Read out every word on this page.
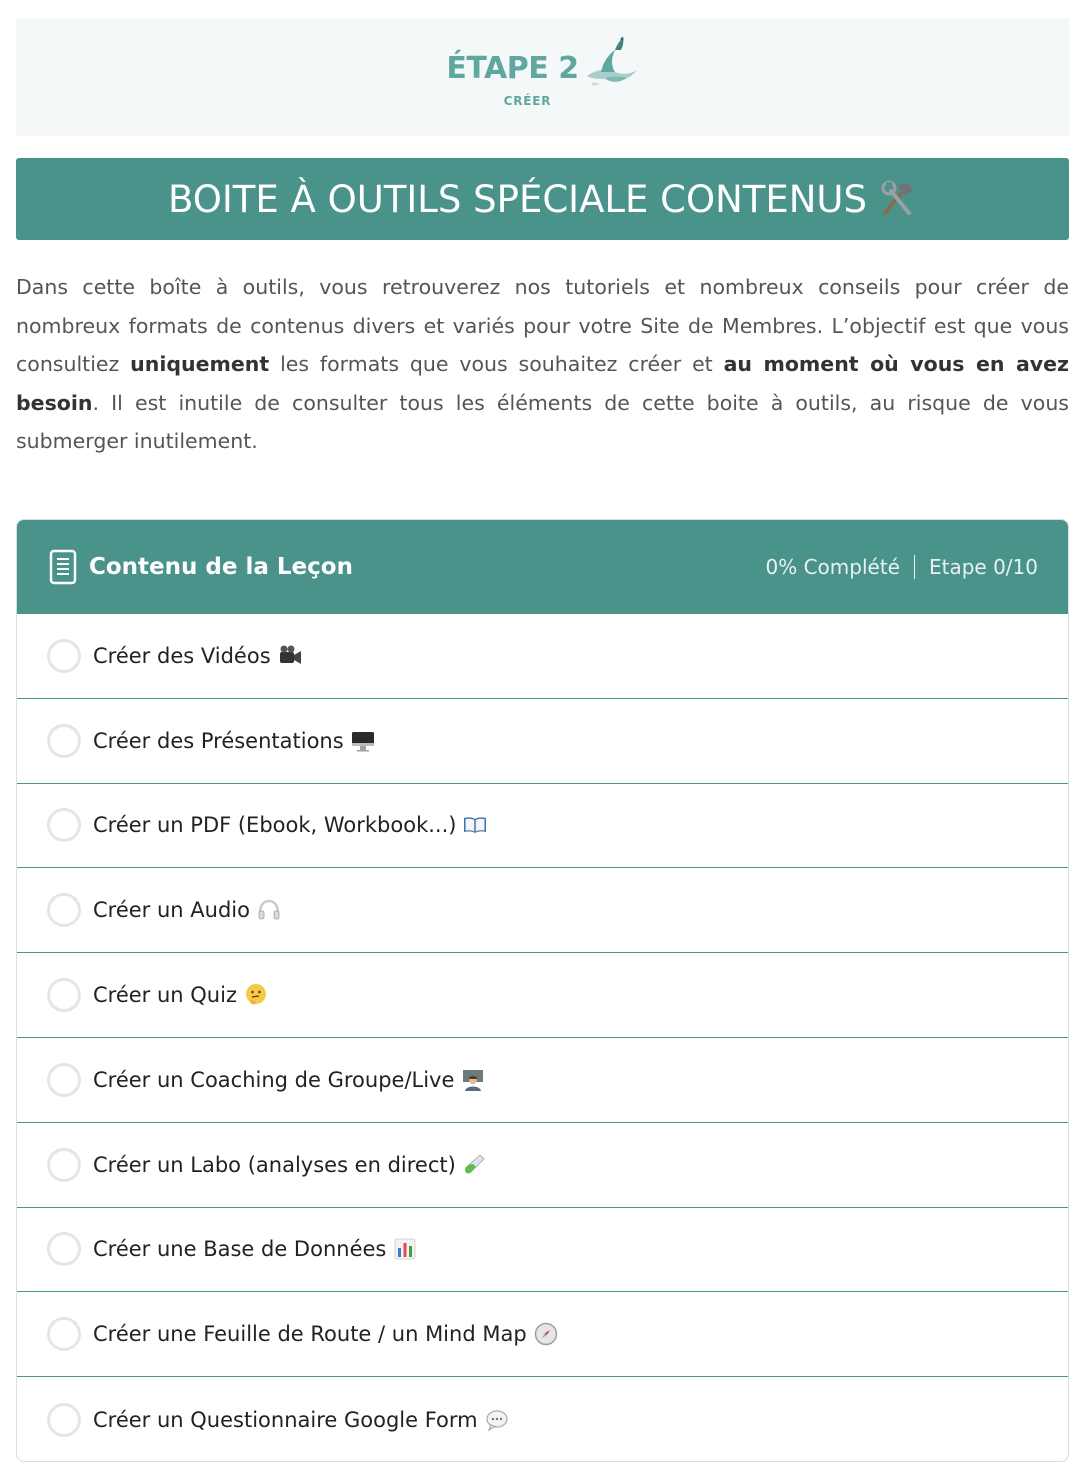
ÉTAPE 2
CRÉER
BOITE À OUTILS SPÉCIALE CONTENUS

Dans cette boîte à outils, vous retrouverez nos tutoriels et nombreux conseils pour créer de nombreux formats de contenus divers et variés pour votre Site de Membres. L’objectif est que vous consultiez uniquement les formats que vous souhaitez créer et au moment où vous en avez besoin. Il est inutile de consulter tous les éléments de cette boite à outils, au risque de vous submerger inutilement.

Contenu de la Leçon	0% Complété Etape 0/10
Créer des Vidéos
Créer des Présentations
Créer un PDF (Ebook, Workbook...)
Créer un Audio
Créer un Quiz
Créer un Coaching de Groupe/Live
Créer un Labo (analyses en direct)
Créer une Base de Données
Créer une Feuille de Route / un Mind Map
Créer un Questionnaire Google Form
